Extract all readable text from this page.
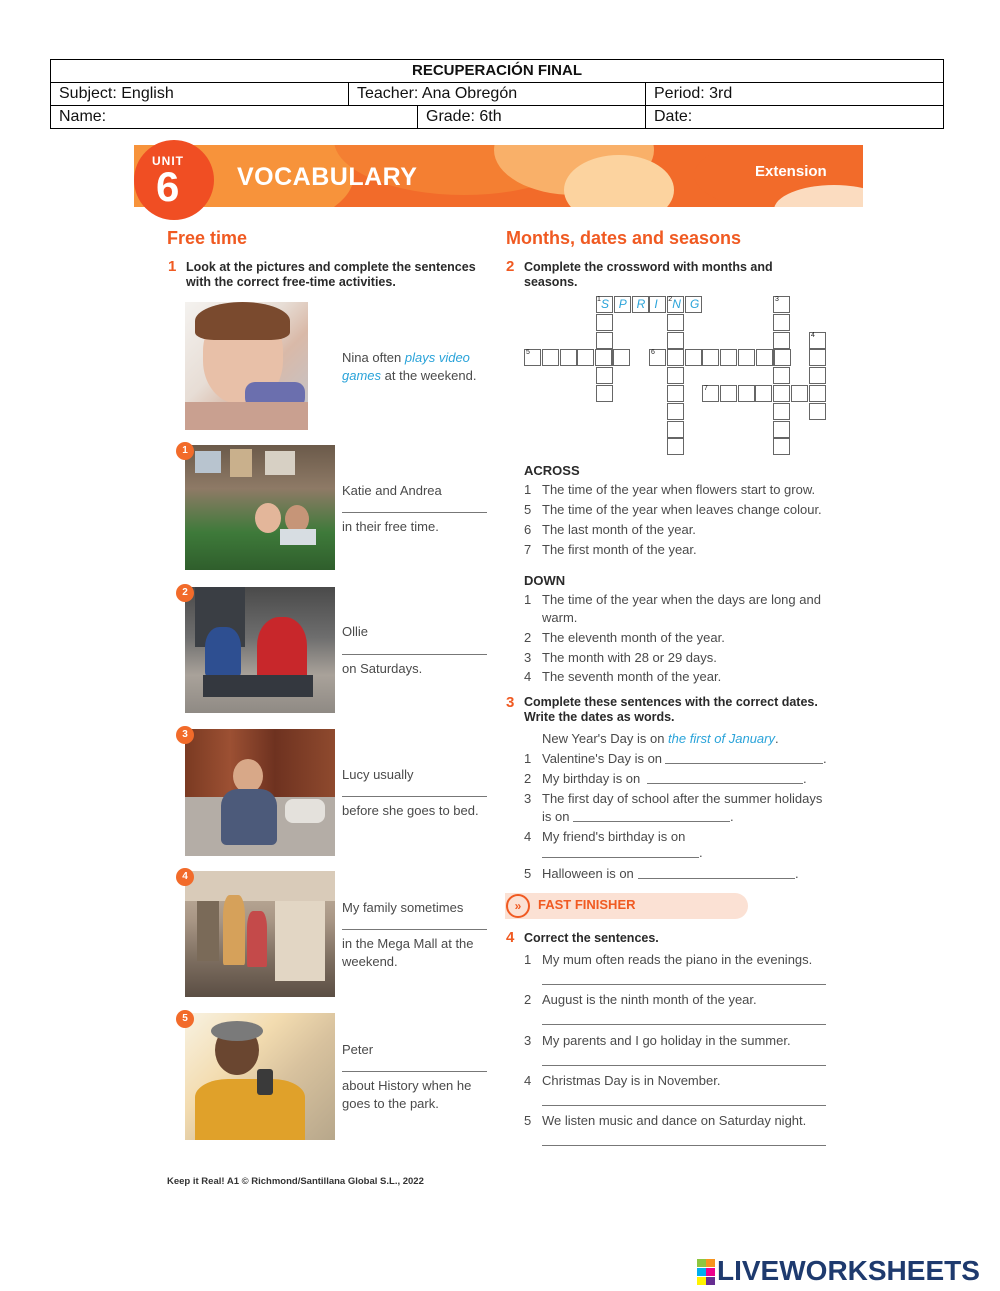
RECUPERACIÓN FINAL
Subject: English	Teacher: Ana Obregón	Period: 3rd
Name:	Grade: 6th	Date:
UNIT
6 VOCABULARY	Extension
Free time
1 Look at the pictures and complete the sentences
with the correct free-time activities.
Nina often plays video
games at the weekend.
1
Katie and Andrea
in their free time.
2
Ollie
on Saturdays.
3
Lucy usually
before she goes to bed.
4
My family sometimes
in the Mega Mall at the
weekend.
5
Peter
about History when he
goes to the park.
Months, dates and seasons
2 Complete the crossword with months and
seasons.
S P R I N G
1	2	3
4
5	6
7
ACROSS
1 The time of the year when flowers start to grow.
5 The time of the year when leaves change colour.
6 The last month of the year.
7 The first month of the year.
DOWN
1 The time of the year when the days are long and
warm.
2 The eleventh month of the year.
3 The month with 28 or 29 days.
4 The seventh month of the year.
3 Complete these sentences with the correct dates.
Write the dates as words.
New Year's Day is on the first of January.
1 Valentine's Day is on	.
2 My birthday is on	.
3 The first day of school after the summer holidays
is on	.
4 My friend's birthday is on
.
5 Halloween is on	.
»	FAST FINISHER
4 Correct the sentences.
1 My mum often reads the piano in the evenings.
2 August is the ninth month of the year.
3 My parents and I go holiday in the summer.
4 Christmas Day is in November.
5 We listen music and dance on Saturday night.
Keep it Real! A1 © Richmond/Santillana Global S.L., 2022
LIVEWORKSHEETS
